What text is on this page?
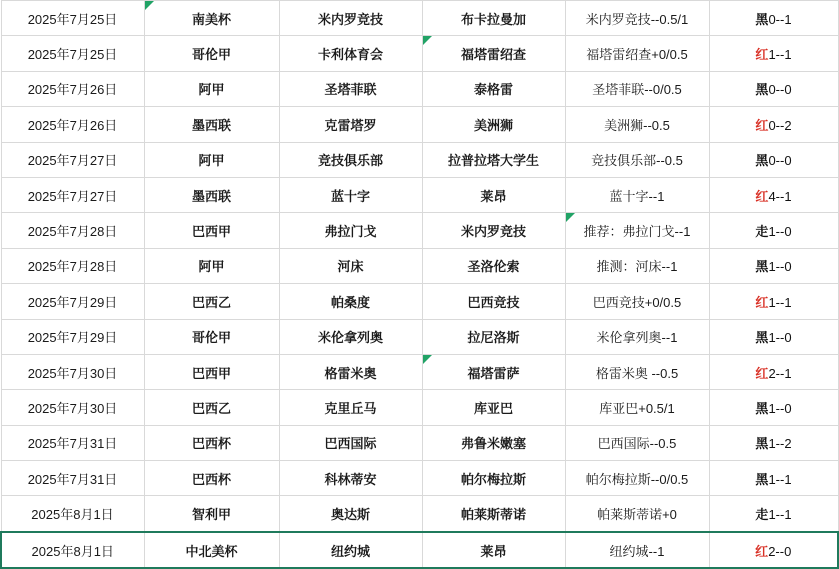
2025年7月25日	南美杯	米内罗竞技	布卡拉曼加	米内罗竞技--0.5/1	黑0--1
2025年7月25日	哥伦甲	卡利体育会	福塔雷绍查	福塔雷绍查+0/0.5	红1--1
2025年7月26日	阿甲	圣塔菲联	泰格雷	圣塔菲联--0/0.5	黑0--0
2025年7月26日	墨西联	克雷塔罗	美洲狮	美洲狮--0.5	红0--2
2025年7月27日	阿甲	竞技俱乐部	拉普拉塔大学生	竞技俱乐部--0.5	黑0--0
2025年7月27日	墨西联	蓝十字	莱昂	蓝十字--1	红4--1
2025年7月28日	巴西甲	弗拉门戈	米内罗竞技	推荐：弗拉门戈--1	走1--0
2025年7月28日	阿甲	河床	圣洛伦索	推测：河床--1	黑1--0
2025年7月29日	巴西乙	帕桑度	巴西竞技	巴西竞技+0/0.5	红1--1
2025年7月29日	哥伦甲	米伦拿列奥	拉尼洛斯	米伦拿列奥--1	黑1--0
2025年7月30日	巴西甲	格雷米奥	福塔雷萨	格雷米奥 --0.5	红2--1
2025年7月30日	巴西乙	克里丘马	库亚巴	库亚巴+0.5/1	黑1--0
2025年7月31日	巴西杯	巴西国际	弗鲁米嫩塞	巴西国际--0.5	黑1--2
2025年7月31日	巴西杯	科林蒂安	帕尔梅拉斯	帕尔梅拉斯--0/0.5	黑1--1
2025年8月1日	智利甲	奥达斯	帕莱斯蒂诺	帕莱斯蒂诺+0	走1--1
2025年8月1日	中北美杯	纽约城	莱昂	纽约城--1	红2--0
